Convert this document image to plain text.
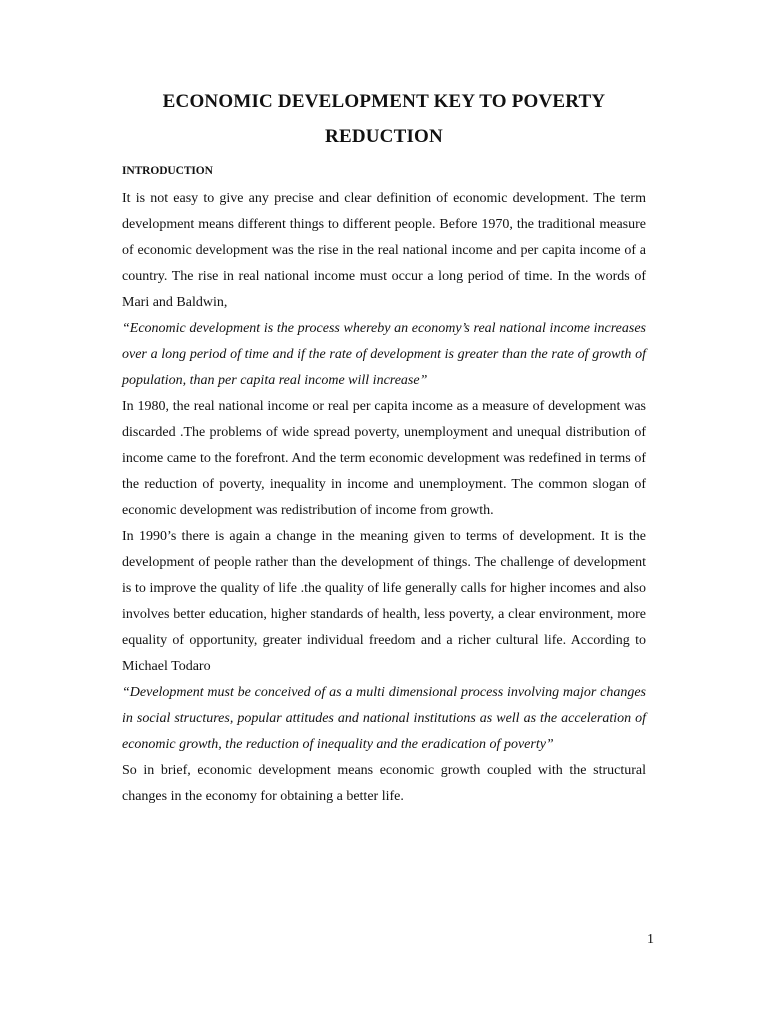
ECONOMIC DEVELOPMENT KEY TO POVERTY
REDUCTION
INTRODUCTION

It is not easy to give any precise and clear definition of economic development. The term development means different things to different people. Before 1970, the traditional measure of economic development was the rise in the real national income and per capita income of a country. The rise in real national income must occur a long period of time. In the words of Mari and Baldwin,

“Economic development is the process whereby an economy’s real national income increases over a long period of time and if the rate of development is greater than the rate of growth of population, than per capita real income will increase”

In 1980, the real national income or real per capita income as a measure of development was discarded .The problems of wide spread poverty, unemployment and unequal distribution of income came to the forefront. And the term economic development was redefined in terms of the reduction of poverty, inequality in income and unemployment. The common slogan of economic development was redistribution of income from growth.

In 1990’s there is again a change in the meaning given to terms of development. It is the development of people rather than the development of things. The challenge of development is to improve the quality of life .the quality of life generally calls for higher incomes and also involves better education, higher standards of health, less poverty, a clear environment, more equality of opportunity, greater individual freedom and a richer cultural life. According to Michael Todaro

“Development must be conceived of as a multi dimensional process involving major changes in social structures, popular attitudes and national institutions as well as the acceleration of economic growth, the reduction of inequality and the eradication of poverty”

So in brief, economic development means economic growth coupled with the structural changes in the economy for obtaining a better life.

1
